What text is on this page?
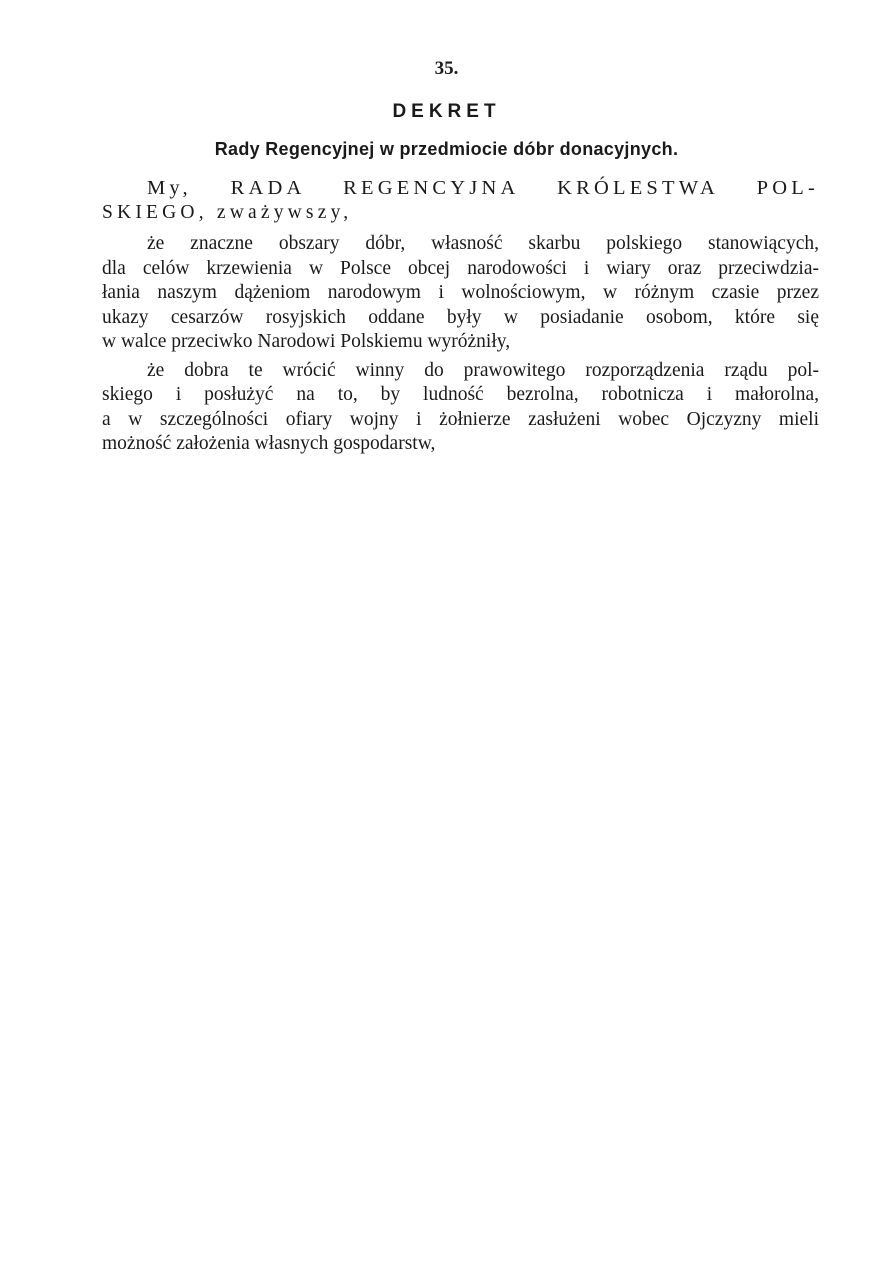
35.
DEKRET
Rady Regencyjnej w przedmiocie dóbr donacyjnych.
My, RADA REGENCYJNA KRÓLESTWA POL-
SKIEGO, zważywszy,
że znaczne obszary dóbr, własność skarbu polskiego stanowiących,
dla celów krzewienia w Polsce obcej narodowości i wiary oraz przeciwdzia-
łania naszym dążeniom narodowym i wolnościowym, w różnym czasie przez
ukazy cesarzów rosyjskich oddane były w posiadanie osobom, które się
w walce przeciwko Narodowi Polskiemu wyróżniły,
że dobra te wrócić winny do prawowitego rozporządzenia rządu pol-
skiego i posłużyć na to, by ludność bezrolna, robotnicza i małorolna,
a w szczególności ofiary wojny i żołnierze zasłużeni wobec Ojczyzny mieli
możność założenia własnych gospodarstw,
